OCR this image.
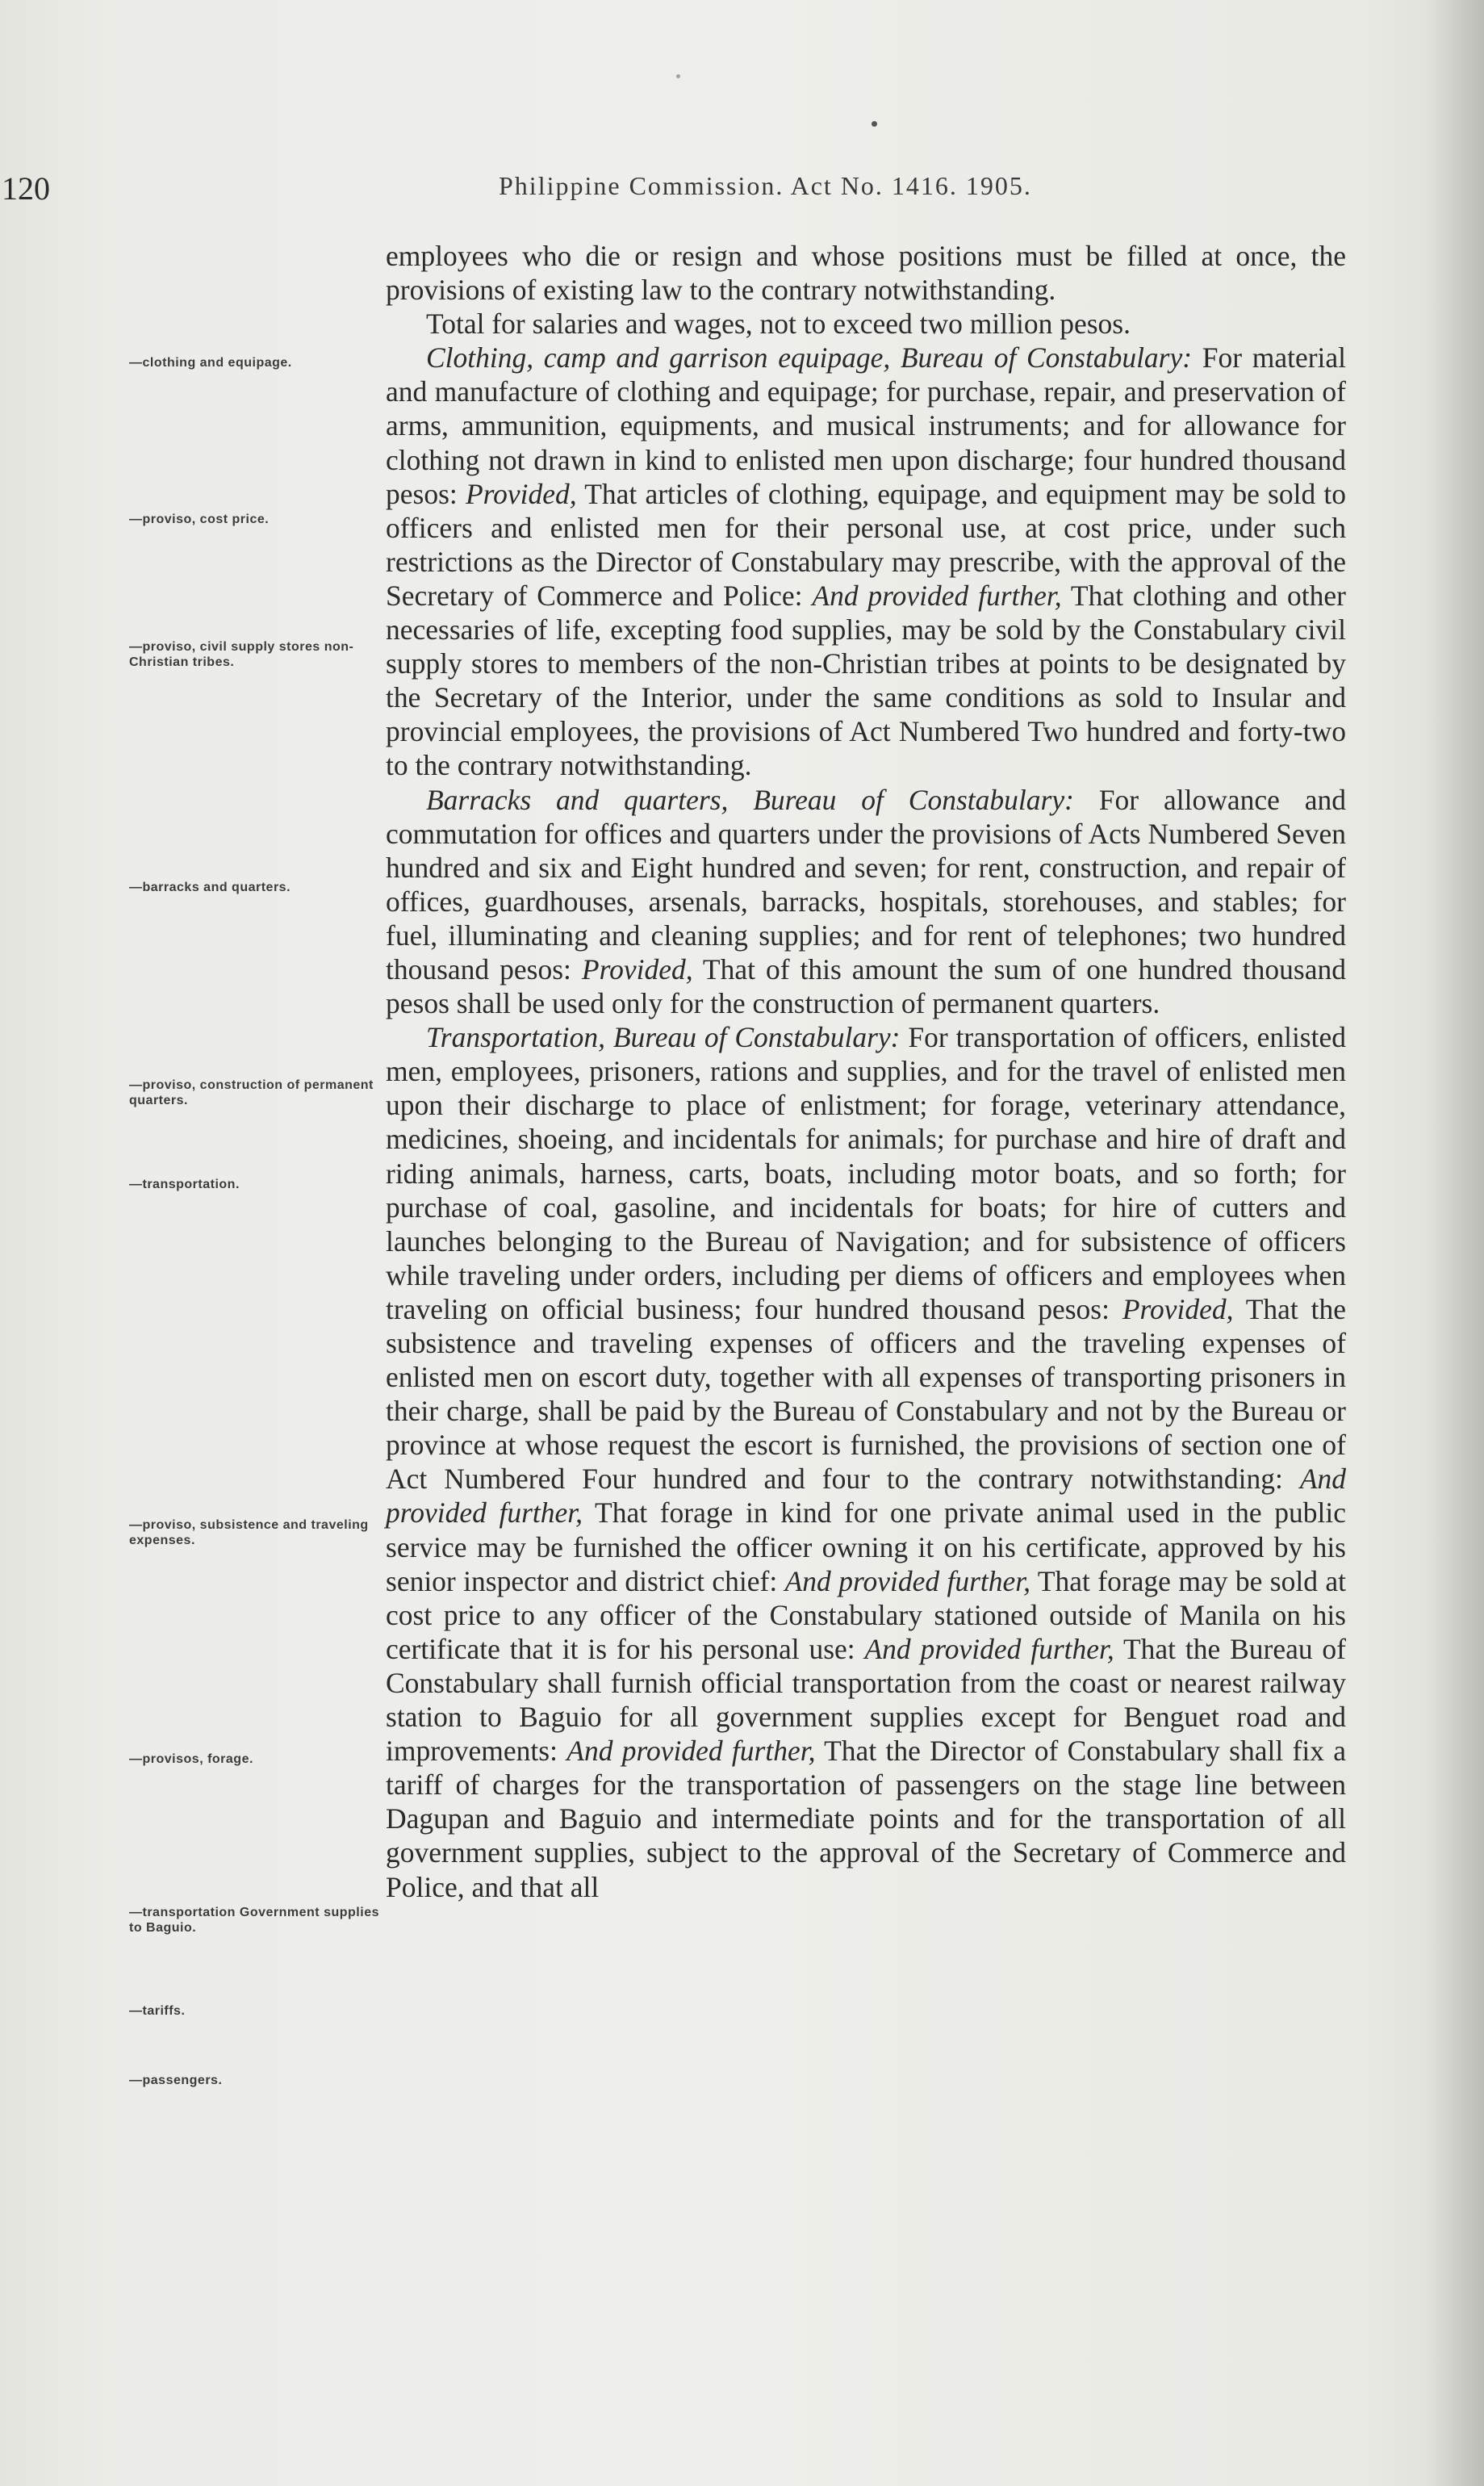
120	Philippine Commission. Act No. 1416. 1905.
—clothing and equipage.
—proviso, cost price.
—proviso, civil supply stores non-Christian tribes.
—barracks and quarters.
—proviso, construction of permanent quarters.
—transportation.
—proviso, subsistence and traveling expenses.
—provisos, forage.
—transportation Government supplies to Baguio.
—tariffs.
—passengers.

employees who die or resign and whose positions must be filled at once, the provisions of existing law to the contrary notwithstanding.

Total for salaries and wages, not to exceed two million pesos.

Clothing, camp and garrison equipage, Bureau of Constabulary: For material and manufacture of clothing and equipage; for purchase, repair, and preservation of arms, ammunition, equipments, and musical instruments; and for allowance for clothing not drawn in kind to enlisted men upon discharge; four hundred thousand pesos: Provided, That articles of clothing, equipage, and equipment may be sold to officers and enlisted men for their personal use, at cost price, under such restrictions as the Director of Constabulary may prescribe, with the approval of the Secretary of Commerce and Police: And provided further, That clothing and other necessaries of life, excepting food supplies, may be sold by the Constabulary civil supply stores to members of the non-Christian tribes at points to be designated by the Secretary of the Interior, under the same conditions as sold to Insular and provincial employees, the provisions of Act Numbered Two hundred and forty-two to the contrary notwithstanding.

Barracks and quarters, Bureau of Constabulary: For allowance and commutation for offices and quarters under the provisions of Acts Numbered Seven hundred and six and Eight hundred and seven; for rent, construction, and repair of offices, guardhouses, arsenals, barracks, hospitals, storehouses, and stables; for fuel, illuminating and cleaning supplies; and for rent of telephones; two hundred thousand pesos: Provided, That of this amount the sum of one hundred thousand pesos shall be used only for the construction of permanent quarters.

Transportation, Bureau of Constabulary: For transportation of officers, enlisted men, employees, prisoners, rations and supplies, and for the travel of enlisted men upon their discharge to place of enlistment; for forage, veterinary attendance, medicines, shoeing, and incidentals for animals; for purchase and hire of draft and riding animals, harness, carts, boats, including motor boats, and so forth; for purchase of coal, gasoline, and incidentals for boats; for hire of cutters and launches belonging to the Bureau of Navigation; and for subsistence of officers while traveling under orders, including per diems of officers and employees when traveling on official business; four hundred thousand pesos: Provided, That the subsistence and traveling expenses of officers and the traveling expenses of enlisted men on escort duty, together with all expenses of transporting prisoners in their charge, shall be paid by the Bureau of Constabulary and not by the Bureau or province at whose request the escort is furnished, the provisions of section one of Act Numbered Four hundred and four to the contrary notwithstanding: And provided further, That forage in kind for one private animal used in the public service may be furnished the officer owning it on his certificate, approved by his senior inspector and district chief: And provided further, That forage may be sold at cost price to any officer of the Constabulary stationed outside of Manila on his certificate that it is for his personal use: And provided further, That the Bureau of Constabulary shall furnish official transportation from the coast or nearest railway station to Baguio for all government supplies except for Benguet road and improvements: And provided further, That the Director of Constabulary shall fix a tariff of charges for the transportation of passengers on the stage line between Dagupan and Baguio and intermediate points and for the transportation of all government supplies, subject to the approval of the Secretary of Commerce and Police, and that all
